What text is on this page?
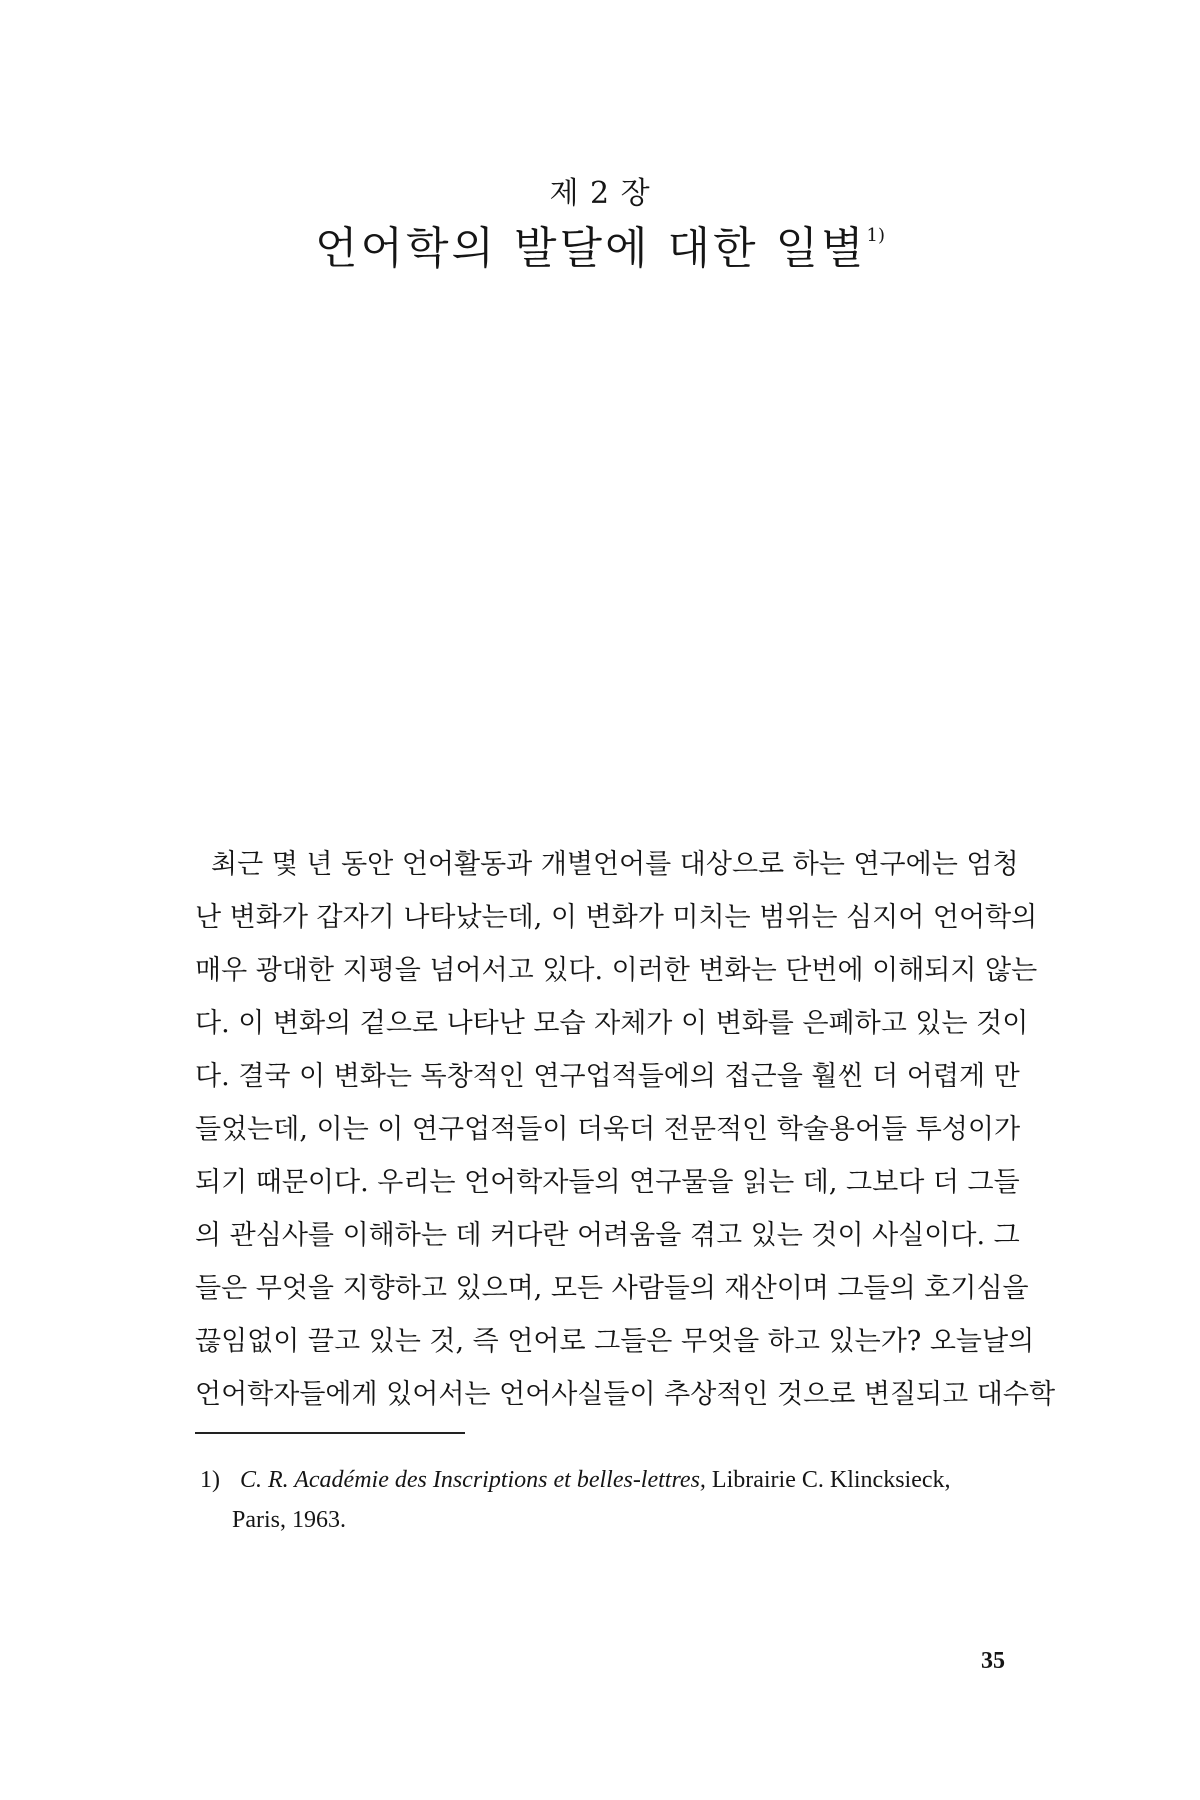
제 2 장
언어학의 발달에 대한 일별$^{1)}$
최근 몇 년 동안 언어활동과 개별언어를 대상으로 하는 연구에는 엄청
난 변화가 갑자기 나타났는데, 이 변화가 미치는 범위는 심지어 언어학의
매우 광대한 지평을 넘어서고 있다. 이러한 변화는 단번에 이해되지 않는
다. 이 변화의 겉으로 나타난 모습 자체가 이 변화를 은폐하고 있는 것이
다. 결국 이 변화는 독창적인 연구업적들에의 접근을 훨씬 더 어렵게 만
들었는데, 이는 이 연구업적들이 더욱더 전문적인 학술용어들 투성이가
되기 때문이다. 우리는 언어학자들의 연구물을 읽는 데, 그보다 더 그들
의 관심사를 이해하는 데 커다란 어려움을 겪고 있는 것이 사실이다. 그
들은 무엇을 지향하고 있으며, 모든 사람들의 재산이며 그들의 호기심을
끊임없이 끌고 있는 것, 즉 언어로 그들은 무엇을 하고 있는가? 오늘날의
언어학자들에게 있어서는 언어사실들이 추상적인 것으로 변질되고 대수학
1) C. R. Académie des Inscriptions et belles-lettres, Librairie C. Klincksieck,
Paris, 1963.
35
